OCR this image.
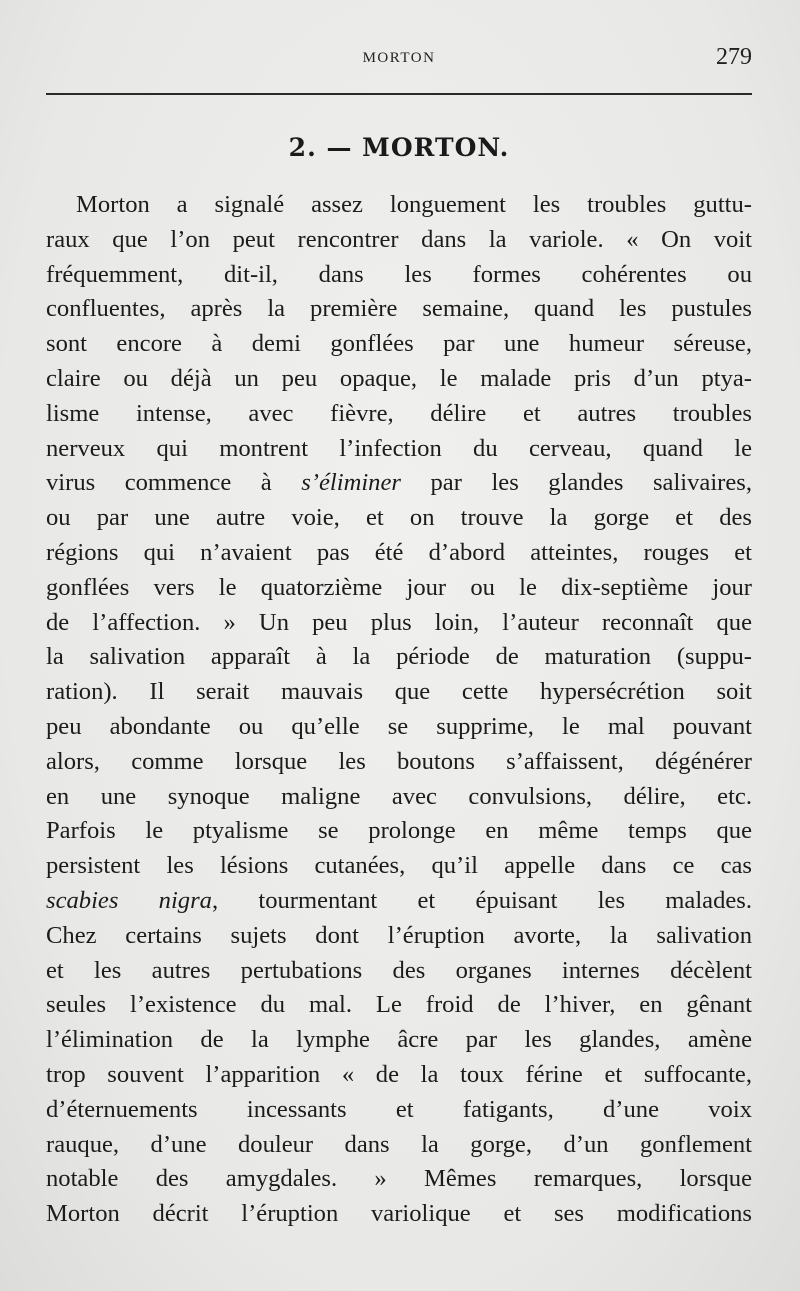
MORTON	279
2. — MORTON.
Morton a signalé assez longuement les troubles guttu-
raux que l’on peut rencontrer dans la variole. « On voit
fréquemment, dit-il, dans les formes cohérentes ou
confluentes, après la première semaine, quand les pustules
sont encore à demi gonflées par une humeur séreuse,
claire ou déjà un peu opaque, le malade pris d’un ptya-
lisme intense, avec fièvre, délire et autres troubles
nerveux qui montrent l’infection du cerveau, quand le
virus commence à s’éliminer par les glandes salivaires,
ou par une autre voie, et on trouve la gorge et des
régions qui n’avaient pas été d’abord atteintes, rouges et
gonflées vers le quatorzième jour ou le dix-septième jour
de l’affection. » Un peu plus loin, l’auteur reconnaît que
la salivation apparaît à la période de maturation (suppu-
ration). Il serait mauvais que cette hypersécrétion soit
peu abondante ou qu’elle se supprime, le mal pouvant
alors, comme lorsque les boutons s’affaissent, dégénérer
en une synoque maligne avec convulsions, délire, etc.
Parfois le ptyalisme se prolonge en même temps que
persistent les lésions cutanées, qu’il appelle dans ce cas
scabies nigra, tourmentant et épuisant les malades.
Chez certains sujets dont l’éruption avorte, la salivation
et les autres pertubations des organes internes décèlent
seules l’existence du mal. Le froid de l’hiver, en gênant
l’élimination de la lymphe âcre par les glandes, amène
trop souvent l’apparition « de la toux férine et suffocante,
d’éternuements incessants et fatigants, d’une voix
rauque, d’une douleur dans la gorge, d’un gonflement
notable des amygdales. » Mêmes remarques, lorsque
Morton décrit l’éruption variolique et ses modifications
